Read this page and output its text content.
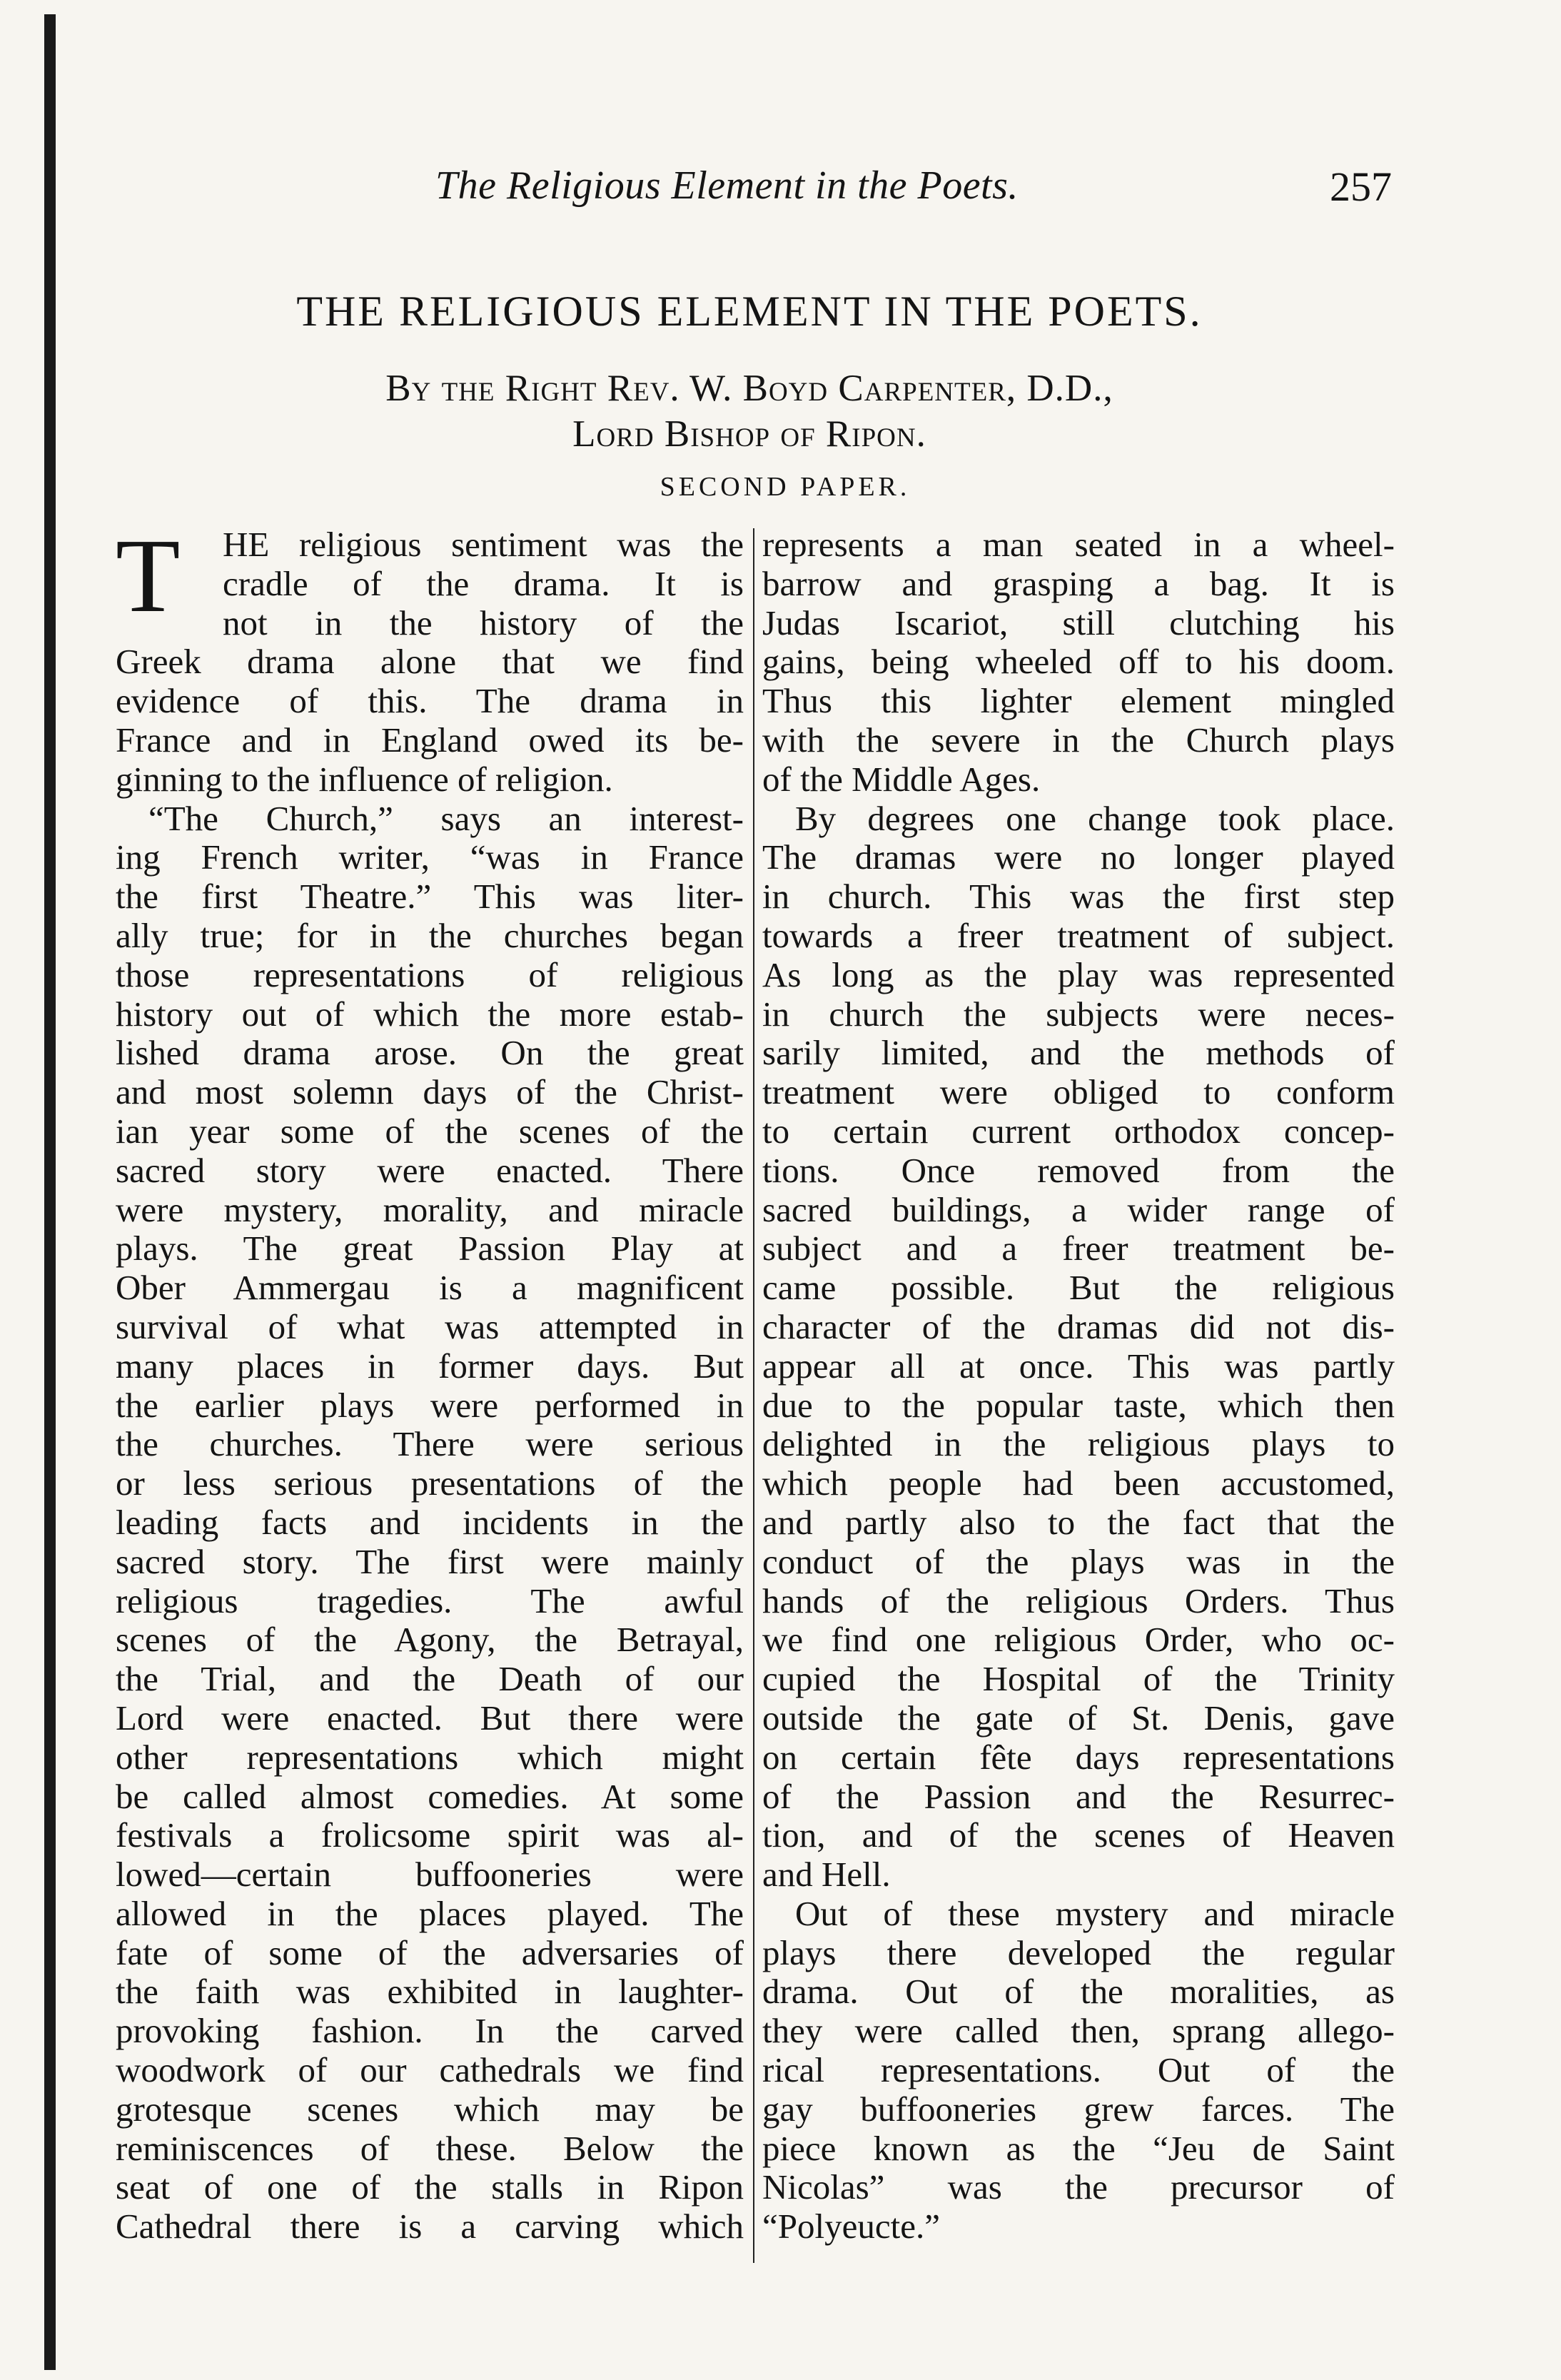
The Religious Element in the Poets.	257
THE RELIGIOUS ELEMENT IN THE POETS.
By the Right Rev. W. Boyd Carpenter, D.D.,
Lord Bishop of Ripon.
SECOND PAPER.
T	HE religious sentiment was the
cradle of the drama. It is
not in the history of the
Greek drama alone that we find
evidence of this. The drama in
France and in England owed its be-
ginning to the influence of religion.
“The Church,” says an interest-
ing French writer, “was in France
the first Theatre.” This was liter-
ally true; for in the churches began
those representations of religious
history out of which the more estab-
lished drama arose. On the great
and most solemn days of the Christ-
ian year some of the scenes of the
sacred story were enacted. There
were mystery, morality, and miracle
plays. The great Passion Play at
Ober Ammergau is a magnificent
survival of what was attempted in
many places in former days. But
the earlier plays were performed in
the churches. There were serious
or less serious presentations of the
leading facts and incidents in the
sacred story. The first were mainly
religious tragedies. The awful
scenes of the Agony, the Betrayal,
the Trial, and the Death of our
Lord were enacted. But there were
other representations which might
be called almost comedies. At some
festivals a frolicsome spirit was al-
lowed—certain buffooneries were
allowed in the places played. The
fate of some of the adversaries of
the faith was exhibited in laughter-
provoking fashion. In the carved
woodwork of our cathedrals we find
grotesque scenes which may be
reminiscences of these. Below the
seat of one of the stalls in Ripon
Cathedral there is a carving which
represents a man seated in a wheel-
barrow and grasping a bag. It is
Judas Iscariot, still clutching his
gains, being wheeled off to his doom.
Thus this lighter element mingled
with the severe in the Church plays
of the Middle Ages.
By degrees one change took place.
The dramas were no longer played
in church. This was the first step
towards a freer treatment of subject.
As long as the play was represented
in church the subjects were neces-
sarily limited, and the methods of
treatment were obliged to conform
to certain current orthodox concep-
tions. Once removed from the
sacred buildings, a wider range of
subject and a freer treatment be-
came possible. But the religious
character of the dramas did not dis-
appear all at once. This was partly
due to the popular taste, which then
delighted in the religious plays to
which people had been accustomed,
and partly also to the fact that the
conduct of the plays was in the
hands of the religious Orders. Thus
we find one religious Order, who oc-
cupied the Hospital of the Trinity
outside the gate of St. Denis, gave
on certain fête days representations
of the Passion and the Resurrec-
tion, and of the scenes of Heaven
and Hell.
Out of these mystery and miracle
plays there developed the regular
drama. Out of the moralities, as
they were called then, sprang allego-
rical representations. Out of the
gay buffooneries grew farces. The
piece known as the “Jeu de Saint
Nicolas” was the precursor of
“Polyeucte.”
